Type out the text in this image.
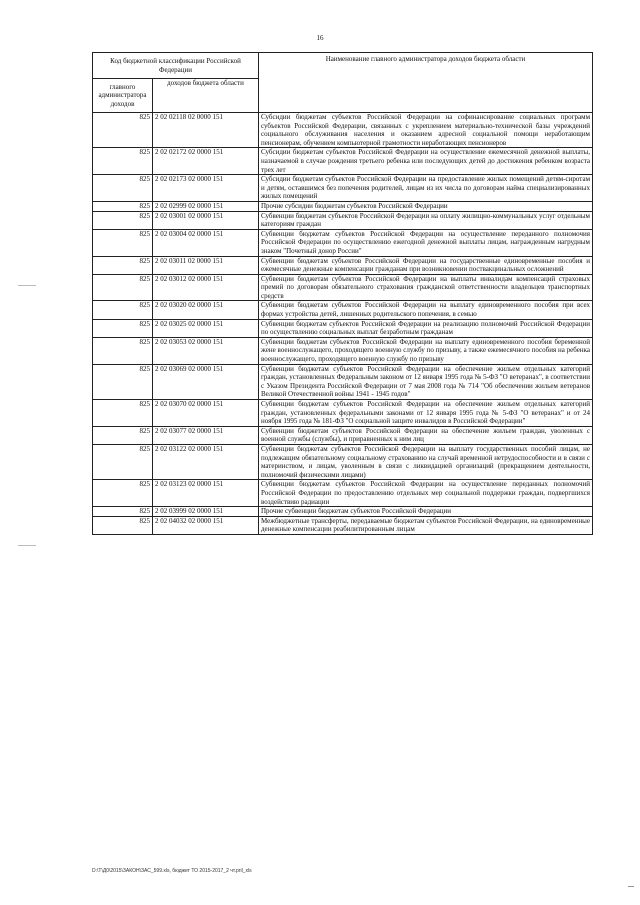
16
Код бюджетной классификации Российской Федерации		Наименование главного администратора доходов бюджета области
главного администратора доходов	доходов бюджета области	
825	2 02 02118 02 0000 151	Субсидии бюджетам субъектов Российской Федерации на софинансирование социальных программ субъектов Российской Федерации, связанных с укреплением материально-технической базы учреждений социального обслуживания населения и оказанием адресной социальной помощи неработающим пенсионерам, обучением компьютерной грамотности неработающих пенсионеров
825	2 02 02172 02 0000 151	Субсидии бюджетам субъектов Российской Федерации на осуществление ежемесячной денежной выплаты, назначаемой в случае рождения третьего ребенка или последующих детей до достижения ребенком возраста трех лет
825	2 02 02173 02 0000 151	Субсидии бюджетам субъектов Российской Федерации на предоставление жилых помещений детям-сиротам и детям, оставшимся без попечения родителей, лицам из их числа по договорам найма специализированных жилых помещений
825	2 02 02999 02 0000 151	Прочие субсидии бюджетам субъектов Российской Федерации
825	2 02 03001 02 0000 151	Субвенции бюджетам субъектов Российской Федерации на оплату жилищно-коммунальных услуг отдельным категориям граждан
825	2 02 03004 02 0000 151	Субвенции бюджетам субъектов Российской Федерации на осуществление переданного полномочия Российской Федерации по осуществлению ежегодной денежной выплаты лицам, награжденным нагрудным знаком "Почетный донор России"
825	2 02 03011 02 0000 151	Субвенции бюджетам субъектов Российской Федерации на государственные единовременные пособия и ежемесячные денежные компенсации гражданам при возникновении поствакцинальных осложнений
825	2 02 03012 02 0000 151	Субвенции бюджетам субъектов Российской Федерации на выплаты инвалидам компенсаций страховых премий по договорам обязательного страхования гражданской ответственности владельцев транспортных средств
825	2 02 03020 02 0000 151	Субвенции бюджетам субъектов Российской Федерации на выплату единовременного пособия при всех формах устройства детей, лишенных родительского попечения, в семью
825	2 02 03025 02 0000 151	Субвенции бюджетам субъектов Российской Федерации на реализацию полномочий Российской Федерации по осуществлению социальных выплат безработным гражданам
825	2 02 03053 02 0000 151	Субвенции бюджетам субъектов Российской Федерации на выплату единовременного пособия беременной жене военнослужащего, проходящего военную службу по призыву, а также ежемесячного пособия на ребенка военнослужащего, проходящего военную службу по призыву
825	2 02 03069 02 0000 151	Субвенции бюджетам субъектов Российской Федерации на обеспечение жильем отдельных категорий граждан, установленных Федеральным законом от 12 января 1995 года № 5-ФЗ "О ветеранах", в соответствии с Указом Президента Российской Федерации от 7 мая 2008 года № 714 "Об обеспечении жильем ветеранов Великой Отечественной войны 1941 - 1945 годов"
825	2 02 03070 02 0000 151	Субвенции бюджетам субъектов Российской Федерации на обеспечение жильем отдельных категорий граждан, установленных федеральными законами от 12 января 1995 года № 5-ФЗ "О ветеранах" и от 24 ноября 1995 года № 181-ФЗ "О социальной защите инвалидов в Российской Федерации"
825	2 02 03077 02 0000 151	Субвенции бюджетам субъектов Российской Федерации на обеспечение жильем граждан, уволенных с военной службы (службы), и приравненных к ним лиц
825	2 02 03122 02 0000 151	Субвенции бюджетам субъектов Российской Федерации на выплату государственных пособий лицам, не подлежащим обязательному социальному страхованию на случай временной нетрудоспособности и в связи с материнством, и лицам, уволенным в связи с ликвидацией организаций (прекращением деятельности, полномочий физическими лицами)
825	2 02 03123 02 0000 151	Субвенции бюджетам субъектов Российской Федерации на осуществление переданных полномочий Российской Федерации по предоставлению отдельных мер социальной поддержки граждан, подвергшихся воздействию радиации
825	2 02 03999 02 0000 151	Прочие субвенции бюджетам субъектов Российской Федерации
825	2 02 04032 02 0000 151	Межбюджетные трансферты, передаваемые бюджетам субъектов Российской Федерации, на единовременные денежные компенсации реабилитированным лицам
D:\Т\Д0\2015\ЗАКОН\ЗАС_599.xls, бюджет ТО 2015-2017_2 чт.pril_xls
